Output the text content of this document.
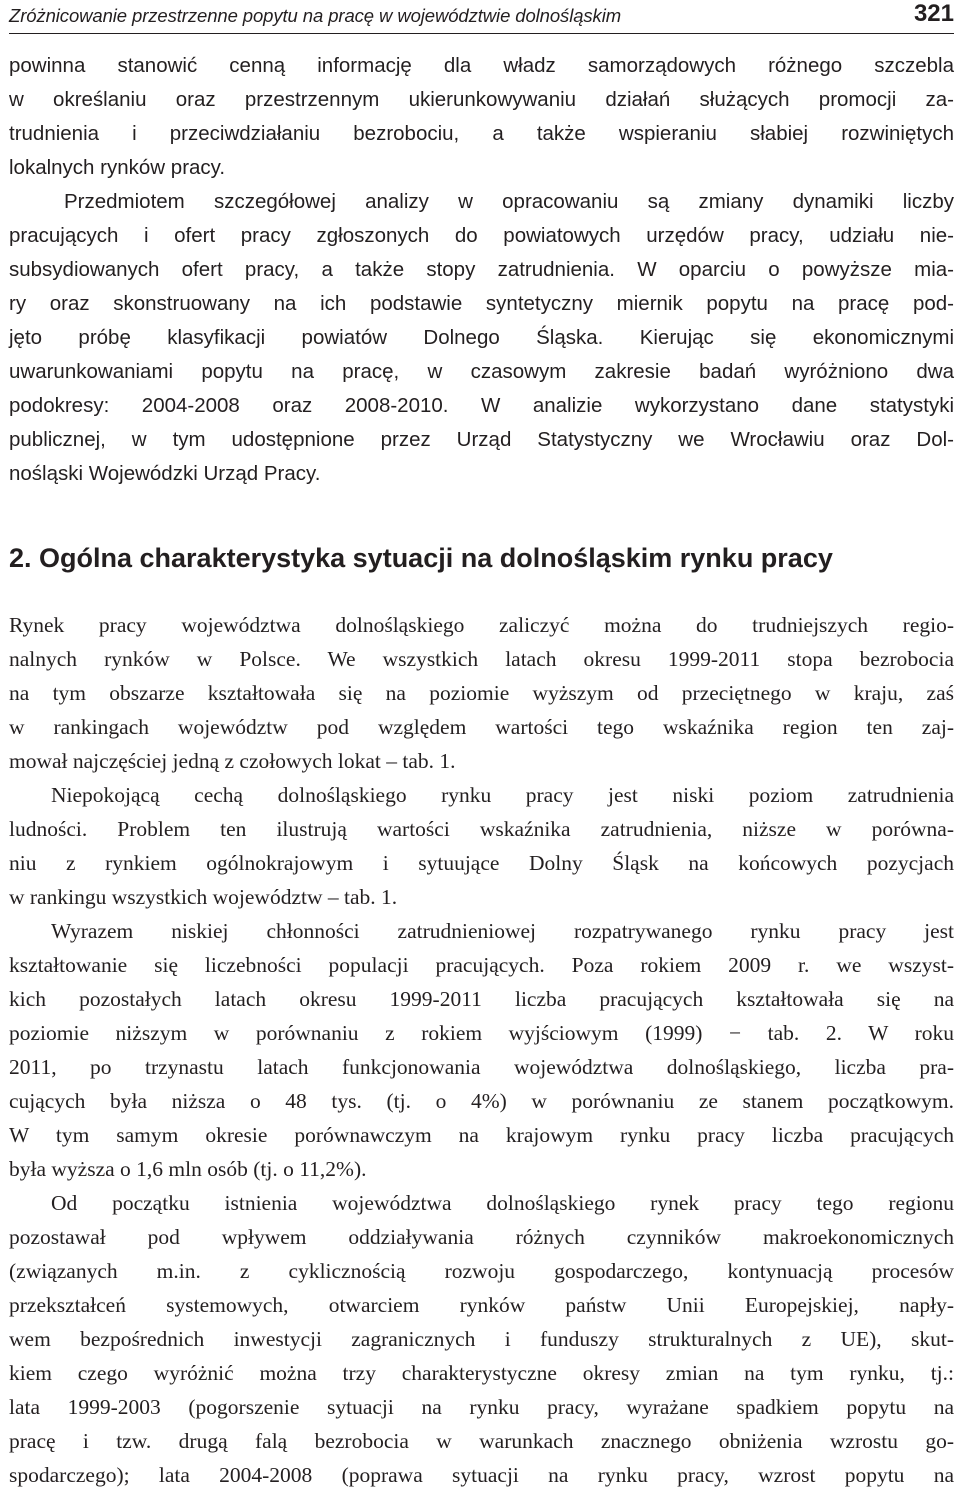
Zróżnicowanie przestrzenne popytu na pracę w województwie dolnośląskim	321
powinna stanowić cenną informację dla władz samorządowych różnego szczebla
w określaniu oraz przestrzennym ukierunkowywaniu działań służących promocji za-
trudnienia i przeciwdziałaniu bezrobociu, a także wspieraniu słabiej rozwiniętych
lokalnych rynków pracy.
Przedmiotem szczegółowej analizy w opracowaniu są zmiany dynamiki liczby
pracujących i ofert pracy zgłoszonych do powiatowych urzędów pracy, udziału nie-
subsydiowanych ofert pracy, a także stopy zatrudnienia. W oparciu o powyższe mia-
ry oraz skonstruowany na ich podstawie syntetyczny miernik popytu na pracę pod-
jęto próbę klasyfikacji powiatów Dolnego Śląska. Kierując się ekonomicznymi
uwarunkowaniami popytu na pracę, w czasowym zakresie badań wyróżniono dwa
podokresy: 2004-2008 oraz 2008-2010. W analizie wykorzystano dane statystyki
publicznej, w tym udostępnione przez Urząd Statystyczny we Wrocławiu oraz Dol-
nośląski Wojewódzki Urząd Pracy.
2. Ogólna charakterystyka sytuacji na dolnośląskim rynku pracy
Rynek pracy województwa dolnośląskiego zaliczyć można do trudniejszych regio-
nalnych rynków w Polsce. We wszystkich latach okresu 1999-2011 stopa bezrobocia
na tym obszarze kształtowała się na poziomie wyższym od przeciętnego w kraju, zaś
w rankingach województw pod względem wartości tego wskaźnika region ten zaj-
mował najczęściej jedną z czołowych lokat – tab. 1.
Niepokojącą cechą dolnośląskiego rynku pracy jest niski poziom zatrudnienia
ludności. Problem ten ilustrują wartości wskaźnika zatrudnienia, niższe w porówna-
niu z rynkiem ogólnokrajowym i sytuujące Dolny Śląsk na końcowych pozycjach
w rankingu wszystkich województw – tab. 1.
Wyrazem niskiej chłonności zatrudnieniowej rozpatrywanego rynku pracy jest
kształtowanie się liczebności populacji pracujących. Poza rokiem 2009 r. we wszyst-
kich pozostałych latach okresu 1999-2011 liczba pracujących kształtowała się na
poziomie niższym w porównaniu z rokiem wyjściowym (1999) − tab. 2. W roku
2011, po trzynastu latach funkcjonowania województwa dolnośląskiego, liczba pra-
cujących była niższa o 48 tys. (tj. o 4%) w porównaniu ze stanem początkowym.
W tym samym okresie porównawczym na krajowym rynku pracy liczba pracujących
była wyższa o 1,6 mln osób (tj. o 11,2%).
Od początku istnienia województwa dolnośląskiego rynek pracy tego regionu
pozostawał pod wpływem oddziaływania różnych czynników makroekonomicznych
(związanych m.in. z cyklicznością rozwoju gospodarczego, kontynuacją procesów
przekształceń systemowych, otwarciem rynków państw Unii Europejskiej, napły-
wem bezpośrednich inwestycji zagranicznych i funduszy strukturalnych z UE), skut-
kiem czego wyróżnić można trzy charakterystyczne okresy zmian na tym rynku, tj.:
lata 1999-2003 (pogorszenie sytuacji na rynku pracy, wyrażane spadkiem popytu na
pracę i tzw. drugą falą bezrobocia w warunkach znacznego obniżenia wzrostu go-
spodarczego); lata 2004-2008 (poprawa sytuacji na rynku pracy, wzrost popytu na
